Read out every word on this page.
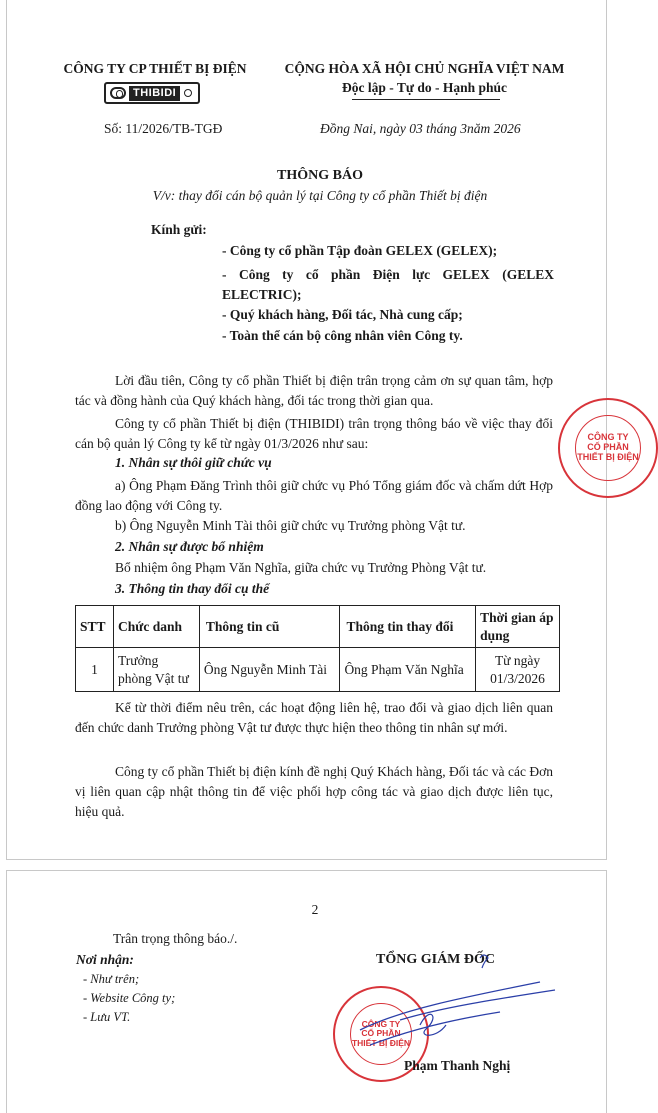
CÔNG TY CP THIẾT BỊ ĐIỆN
THIBIDI
CỘNG HÒA XÃ HỘI CHỦ NGHĨA VIỆT NAM
Độc lập - Tự do - Hạnh phúc
Số: 11/2026/TB-TGĐ	Đồng Nai, ngày 03 tháng 3năm 2026
THÔNG BÁO
V/v: thay đổi cán bộ quản lý tại Công ty cổ phần Thiết bị điện
Kính gửi:
- Công ty cổ phần Tập đoàn GELEX (GELEX);
- Công ty cổ phần Điện lực GELEX (GELEX ELECTRIC);
- Quý khách hàng, Đối tác, Nhà cung cấp;
- Toàn thể cán bộ công nhân viên Công ty.
Lời đầu tiên, Công ty cổ phần Thiết bị điện trân trọng cảm ơn sự quan tâm, hợp tác và đồng hành của Quý khách hàng, đối tác trong thời gian qua.
Công ty cổ phần Thiết bị điện (THIBIDI) trân trọng thông báo về việc thay đổi cán bộ quản lý Công ty kể từ ngày 01/3/2026 như sau:
1. Nhân sự thôi giữ chức vụ
a) Ông Phạm Đăng Trình thôi giữ chức vụ Phó Tổng giám đốc và chấm dứt Hợp đồng lao động với Công ty.
b) Ông Nguyễn Minh Tài thôi giữ chức vụ Trưởng phòng Vật tư.
2. Nhân sự được bổ nhiệm
Bổ nhiệm ông Phạm Văn Nghĩa, giữa chức vụ Trưởng Phòng Vật tư.
3. Thông tin thay đổi cụ thể
STT	Chức danh	Thông tin cũ	Thông tin thay đổi	Thời gian áp dụng
1	Trưởng phòng Vật tư	Ông Nguyễn Minh Tài	Ông Phạm Văn Nghĩa	Từ ngày 01/3/2026
Kể từ thời điểm nêu trên, các hoạt động liên hệ, trao đổi và giao dịch liên quan đến chức danh Trưởng phòng Vật tư được thực hiện theo thông tin nhân sự mới.
Công ty cổ phần Thiết bị điện kính đề nghị Quý Khách hàng, Đối tác và các Đơn vị liên quan cập nhật thông tin để việc phối hợp công tác và giao dịch được liên tục, hiệu quả.
CÔNG TY
CỔ PHẦN
THIẾT BỊ ĐIỆN
2
Trân trọng thông báo./.
Nơi nhận:
- Như trên;
- Website Công ty;
- Lưu VT.
TỔNG GIÁM ĐỐC
CÔNG TY
CỔ PHẦN
THIẾT BỊ ĐIỆN
Phạm Thanh Nghị
